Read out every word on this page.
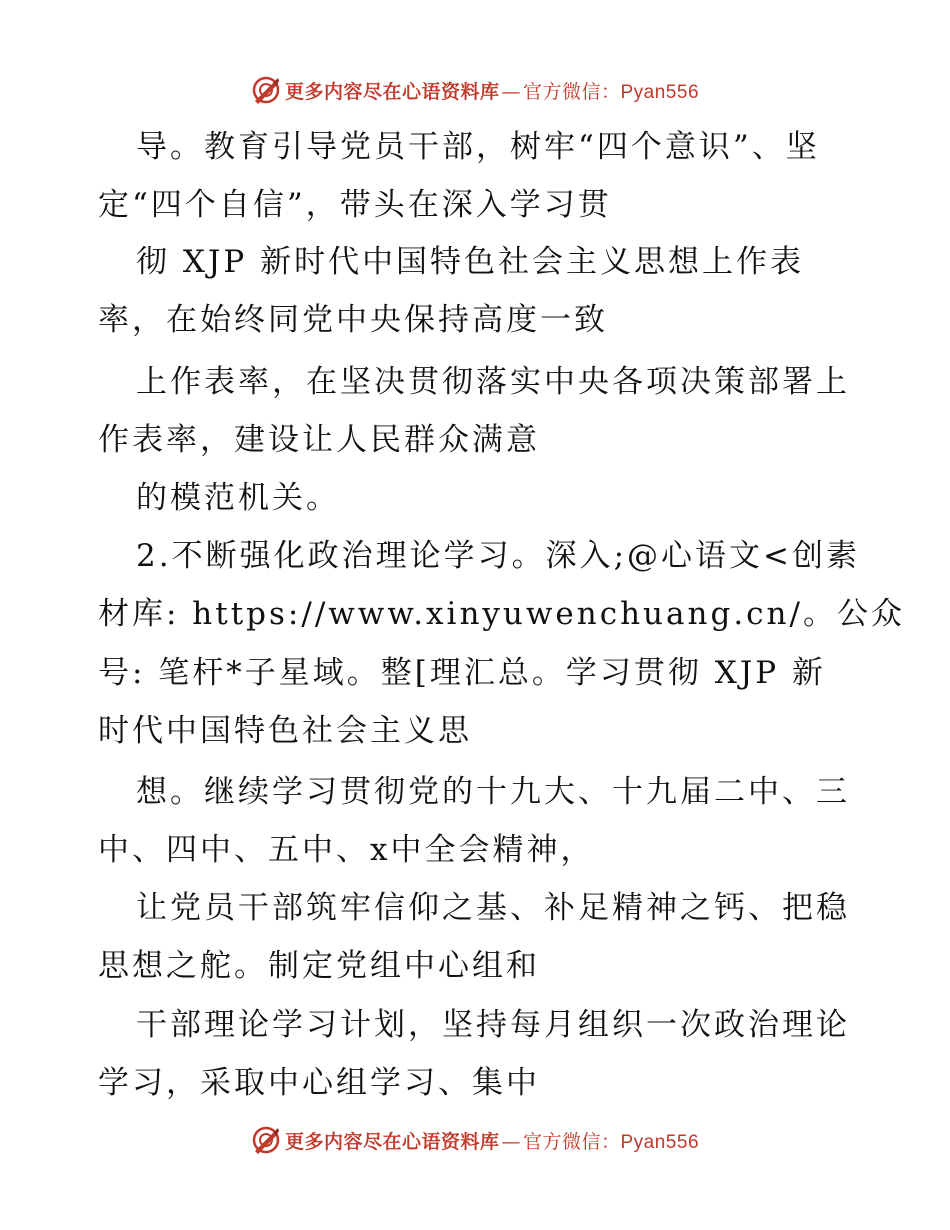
更多内容尽在心语资料库 — 官方微信：Pyan556
导。教育引导党员干部，树牢“四个意识”、坚
定“四个自信”，带头在深入学习贯
彻 XJP 新时代中国特色社会主义思想上作表
率，在始终同党中央保持高度一致
上作表率，在坚决贯彻落实中央各项决策部署上
作表率，建设让人民群众满意
的模范机关。
2.不断强化政治理论学习。深入;@心语文<创素
材库: https://www.xinyuwenchuang.cn/。公众
号: 笔杆*子星域。整[理汇总。学习贯彻 XJP 新
时代中国特色社会主义思
想。继续学习贯彻党的十九大、十九届二中、三
中、四中、五中、x中全会精神，
让党员干部筑牢信仰之基、补足精神之钙、把稳
思想之舵。制定党组中心组和
干部理论学习计划，坚持每月组织一次政治理论
学习，采取中心组学习、集中
更多内容尽在心语资料库 — 官方微信：Pyan556
